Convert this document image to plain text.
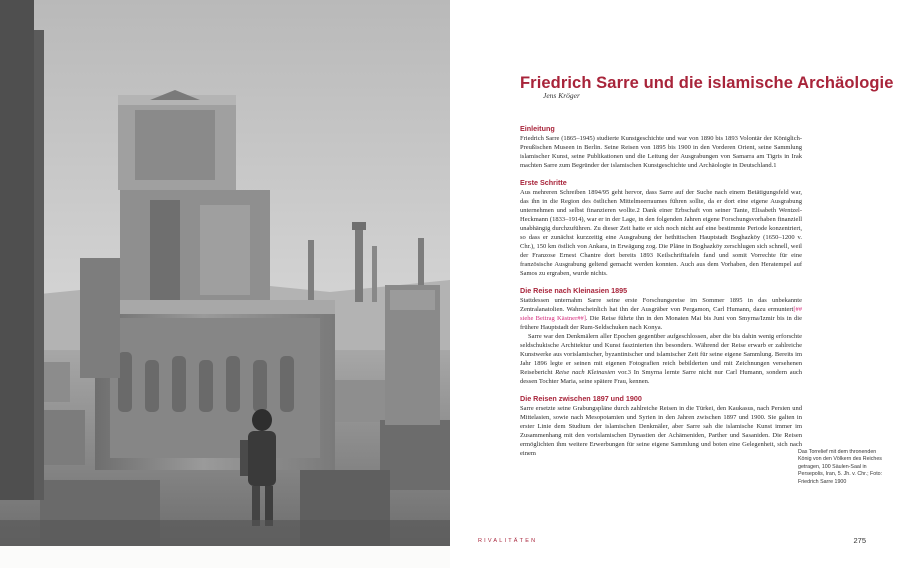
Friedrich Sarre und die islamische Archäologie
Jens Kröger
Einleitung

Friedrich Sarre (1865–1945) studierte Kunstgeschichte und war von 1890 bis 1893 Volontär der Königlich-Preußischen Museen in Berlin. Seine Reisen von 1895 bis 1900 in den Vorderen Orient, seine Sammlung islamischer Kunst, seine Publikationen und die Leitung der Ausgrabungen von Samarra am Tigris in Irak machten Sarre zum Begründer der islamischen Kunstgeschichte und Archäologie in Deutschland.1

Erste Schritte

Aus mehreren Schreiben 1894/95 geht hervor, dass Sarre auf der Suche nach einem Betätigungsfeld war, das ihn in die Region des östlichen Mittelmeerraumes führen sollte, da er dort eine eigene Ausgrabung unternehmen und selbst finanzieren wollte.2 Dank einer Erbschaft von seiner Tante, Elisabeth Wentzel-Heckmann (1833–1914), war er in der Lage, in den folgenden Jahren eigene Forschungsvorhaben finanziell unabhängig durchzuführen. Zu dieser Zeit hatte er sich noch nicht auf eine bestimmte Periode konzentriert, so dass er zunächst kurzzeitig eine Ausgrabung der hethitischen Hauptstadt Boghazköy (1650–1200 v. Chr.), 150 km östlich von Ankara, in Erwägung zog. Die Pläne in Boghazköy zerschlugen sich schnell, weil der Franzose Ernest Chantre dort bereits 1893 Keilschrifttafeln fand und somit Vorrechte für eine französische Ausgrabung geltend gemacht werden konnten. Auch aus dem Vorhaben, den Heratempel auf Samos zu ergraben, wurde nichts.

Die Reise nach Kleinasien 1895

Stattdessen unternahm Sarre seine erste Forschungsreise im Sommer 1895 in das unbekannte Zentralanatolien. Wahrscheinlich hat ihn der Ausgräber von Pergamon, Carl Humann, dazu ermuntert[## siehe Beitrag Kästner##]. Die Reise führte ihn in den Monaten Mai bis Juni von Smyrna/Izmir bis in die frühere Hauptstadt der Rum-Seldschuken nach Konya.

Sarre war den Denkmälern aller Epochen gegenüber aufgeschlossen, aber die bis dahin wenig erforschte seldschukische Architektur und Kunst faszinierten ihn besonders. Während der Reise erwarb er zahlreiche Kunstwerke aus vorislamischer, byzantinischer und islamischer Zeit für seine eigene Sammlung. Bereits im Jahr 1896 legte er seinen mit eigenen Fotografien reich bebilderten und mit Zeichnungen versehenen Reisebericht Reise nach Kleinasien vor.3 In Smyrna lernte Sarre nicht nur Carl Humann, sondern auch dessen Tochter Maria, seine spätere Frau, kennen.

Die Reisen zwischen 1897 und 1900

Sarre ersetzte seine Grabungspläne durch zahlreiche Reisen in die Türkei, den Kaukasus, nach Persien und Mittelasien, sowie nach Mesopotamien und Syrien in den Jahren zwischen 1897 und 1900. Sie galten in erster Linie dem Studium der islamischen Denkmäler, aber Sarre sah die islamische Kunst immer im Zusammenhang mit den vorislamischen Dynastien der Achämeniden, Parther und Sasaniden. Die Reisen ermöglichten ihm weitere Erwerbungen für seine eigene Sammlung und boten eine Gelegenheit, sich nach einem	Das Torrelief mit dem thronenden König von den Völkern des Reiches getragen, 100 Säulen-Saal in Persepolis, Iran, 5. Jh. v. Chr.; Foto: Friedrich Sarre 1900
RIVALITÄTEN	275
